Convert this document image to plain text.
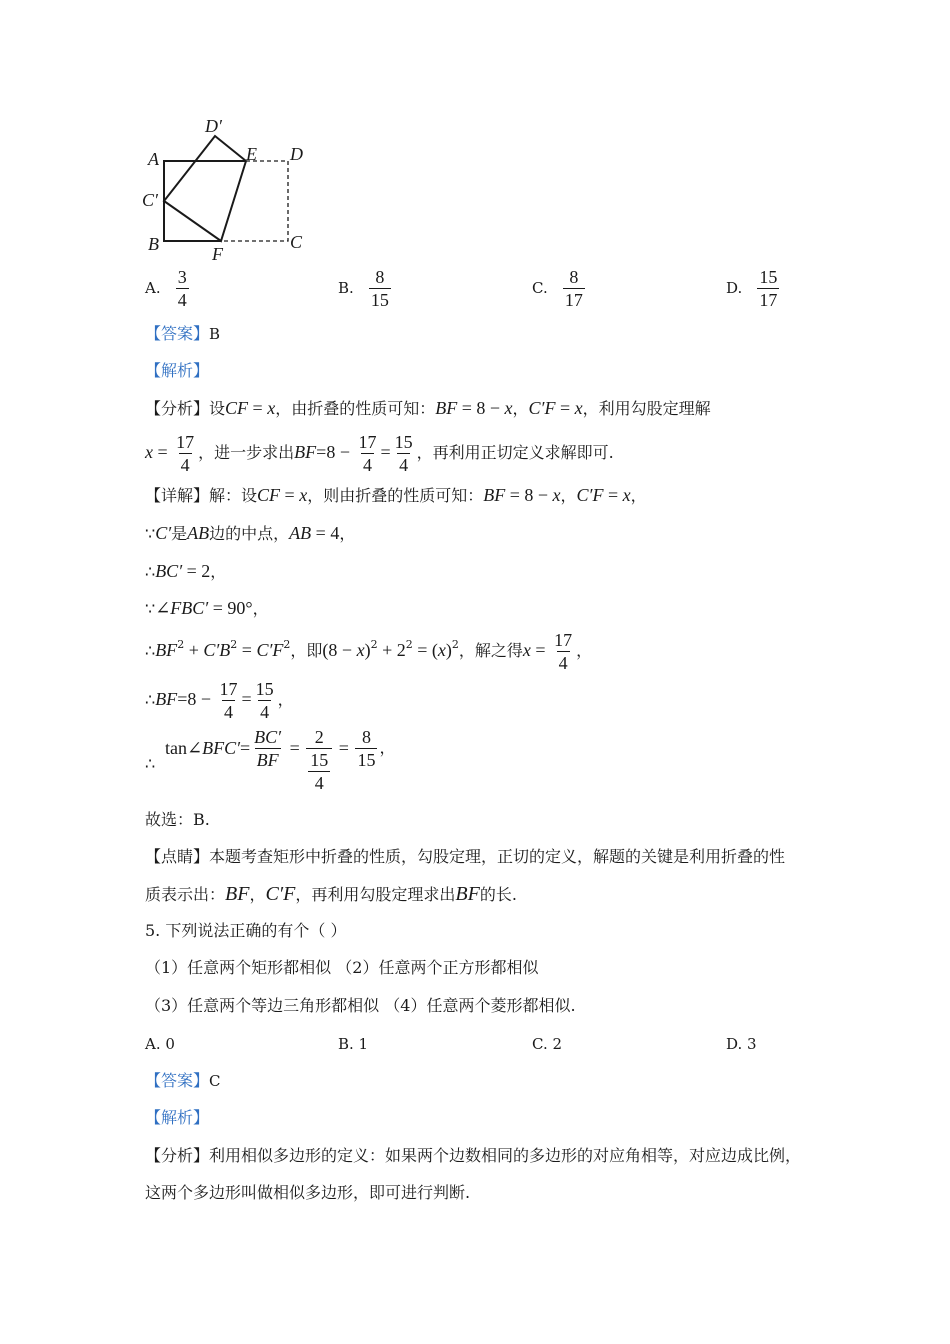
D′
A	E D
C′
B	F
C
A. $\frac{3}{4}$	B. $\frac{8}{15}$	C. $\frac{8}{17}$	D. $\frac{15}{17}$
【答案】B
【解析】
【分析】设CF = x，由折叠的性质可知：BF = 8 − x，C′F = x，利用勾股定理解
$x = \frac{17}{4}$ ，进一步求出$BF=8 - \frac{17}{4} = \frac{15}{4}$ ，再利用正切定义求解即可.
【详解】解：设CF = x，则由折叠的性质可知：BF = 8 − x，C′F = x，
∵C′是AB边的中点，AB = 4，
∴BC′ = 2，
∵∠FBC′ = 90°，
$\therefore BF^2 + C'B^2 = C'F^2$，即$(8 - x)^2 + 2^2 = (x)^2$，解之得$x = \frac{17}{4}$ ，
∴BF=8 − $\frac{17}{4} = \frac{15}{4}$ ，
∴
tan∠ $BFC' = \frac{BC'}{BF} = 2$
15
$4 = \frac{8}{15}$ ，
故选：B.
【点睛】本题考查矩形中折叠的性质，勾股定理，正切的定义，解题的关键是利用折叠的性
质表示出：BF，C′F，再利用勾股定理求出BF的长.
5. 下列说法正确的有个（ ）
（1）任意两个矩形都相似 （2）任意两个正方形都相似
（3）任意两个等边三角形都相似 （4）任意两个菱形都相似.
A. 0	B. 1	C. 2	D. 3
【答案】C
【解析】
【分析】利用相似多边形的定义：如果两个边数相同的多边形的对应角相等，对应边成比例，
这两个多边形叫做相似多边形，即可进行判断.
